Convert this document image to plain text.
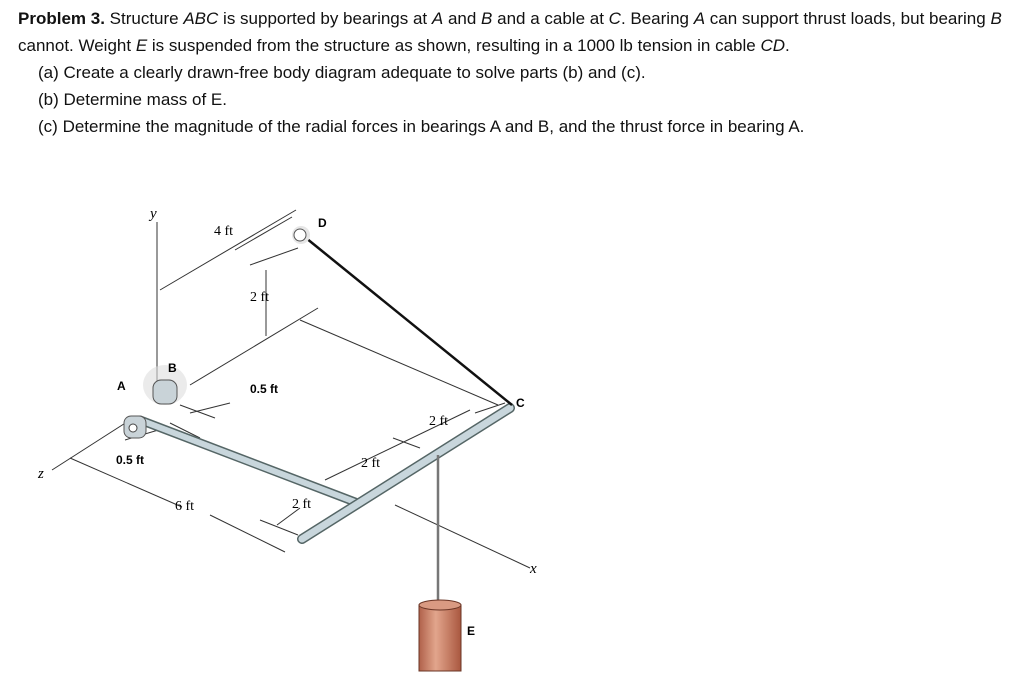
Problem 3. Structure ABC is supported by bearings at A and B and a cable at C. Bearing A can support thrust loads, but bearing B cannot. Weight E is suspended from the structure as shown, resulting in a 1000 lb tension in cable CD.
(a) Create a clearly drawn-free body diagram adequate to solve parts (b) and (c).
(b) Determine mass of E.
(c) Determine the magnitude of the radial forces in bearings A and B, and the thrust force in bearing A.
A
B
C
D
E
y
x
z
4 ft
2 ft
0.5 ft
0.5 ft
6 ft	2 ft
2 ft
2 ft
